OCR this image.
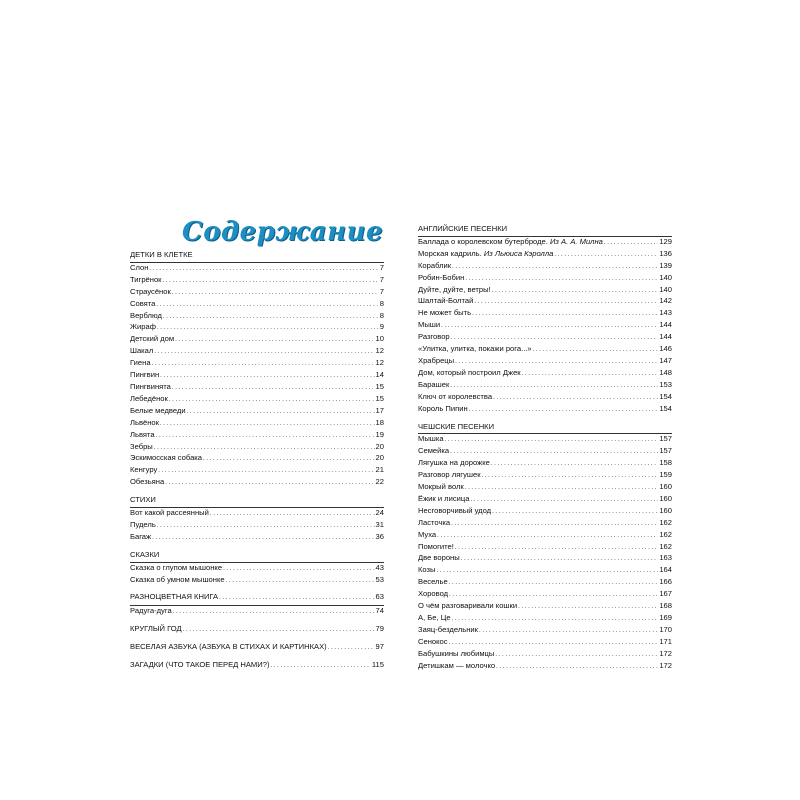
Содержание
ДЕТКИ В КЛЕТКЕ
Слон . . .	7
Тигрёнок . . .	7
Страусёнок . . .	7
Совята . . .	8
Верблюд . . .	8
Жираф . . .	9
Детский дом . . .	10
Шакал . . .	12
Гиена . . .	12
Пингвин . . .	14
Пингвинята . . .	15
Лебедёнок . . .	15
Белые медведи . . .	17
Львёнок . . .	18
Львята . . .	19
Зебры . . .	20
Эскимосская собака . . .	20
Кенгуру . . .	21
Обезьяна . . .	22
СТИХИ
Вот какой рассеянный . . .	24
Пудель . . .	31
Багаж . . .	36
СКАЗКИ
Сказка о глупом мышонке . . .	43
Сказка об умном мышонке . . .	53
РАЗНОЦВЕТНАЯ КНИГА . . .	63
Радуга-дуга . . .	74
КРУГЛЫЙ ГОД . . .	79
ВЕСЕЛАЯ АЗБУКА (АЗБУКА В СТИХАХ И КАРТИНКАХ) . . .	97
ЗАГАДКИ (ЧТО ТАКОЕ ПЕРЕД НАМИ?) . . .	115
АНГЛИЙСКИЕ ПЕСЕНКИ
Баллада о королевском бутерброде. Из А. А. Милна . . .	129
Морская кадриль. Из Льюиса Кэролла . . .	136
Кораблик . . .	139
Робин-Бобин . . .	140
Дуйте, дуйте, ветры! . . .	140
Шалтай-Болтай . . .	142
Не может быть . . .	143
Мыши . . .	144
Разговор . . .	144
«Улитка, улитка, покажи рога...» . . .	146
Храбрецы . . .	147
Дом, который построил Джек . . .	148
Барашек . . .	153
Ключ от королевства . . .	154
Король Пипин . . .	154
ЧЕШСКИЕ ПЕСЕНКИ
Мышка . . .	157
Семейка . . .	157
Лягушка на дорожке . . .	158
Разговор лягушек . . .	159
Мокрый волк . . .	160
Ёжик и лисица . . .	160
Несговорчивый удод . . .	160
Ласточка . . .	162
Муха . . .	162
Помогите! . . .	162
Две вороны . . .	163
Козы . . .	164
Веселье . . .	166
Хоровод . . .	167
О чём разговаривали кошки . . .	168
А, Бе, Це . . .	169
Заяц-бездельник . . .	170
Сенокос . . .	171
Бабушкины любимцы . . .	172
Детишкам — молочко . . .	172
